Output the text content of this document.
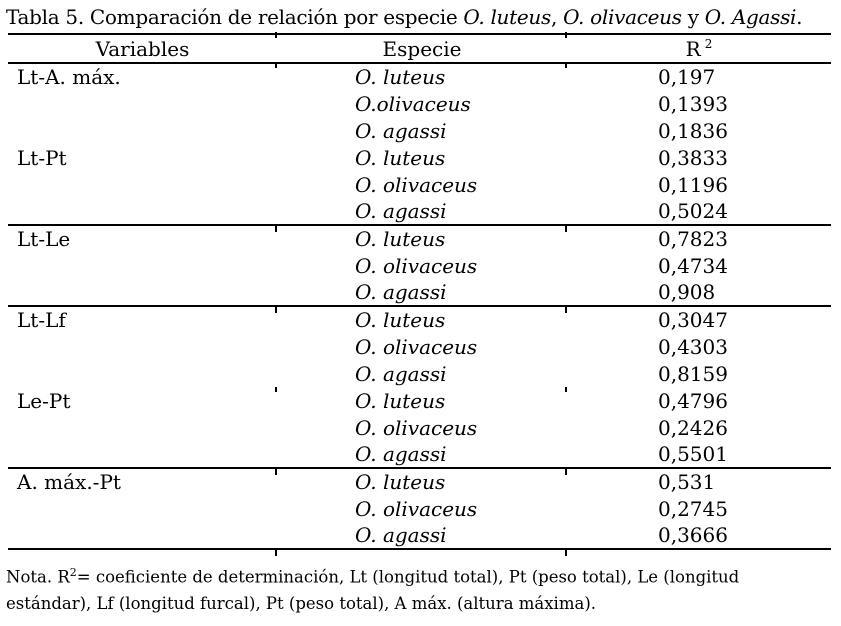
Tabla 5. Comparación de relación por especie O. luteus, O. olivaceus y O. Agassi.
Variables	Especie	R $^2$
Lt-A. máx.	O. luteus	0,197
	O.olivaceus	0,1393
	O. agassi	0,1836
Lt-Pt	O. luteus	0,3833
	O. olivaceus	0,1196
	O. agassi	0,5024
Lt-Le	O. luteus	0,7823
	O. olivaceus	0,4734
	O. agassi	0,908
Lt-Lf	O. luteus	0,3047
	O. olivaceus	0,4303
	O. agassi	0,8159
Le-Pt	O. luteus	0,4796
	O. olivaceus	0,2426
	O. agassi	0,5501
A. máx.-Pt	O. luteus	0,531
	O. olivaceus	0,2745
	O. agassi	0,3666
Nota. $R^2=$ coeficiente de determinación, Lt (longitud total), Pt (peso total), Le (longitud
estándar), Lf (longitud furcal), Pt (peso total), A máx. (altura máxima).
